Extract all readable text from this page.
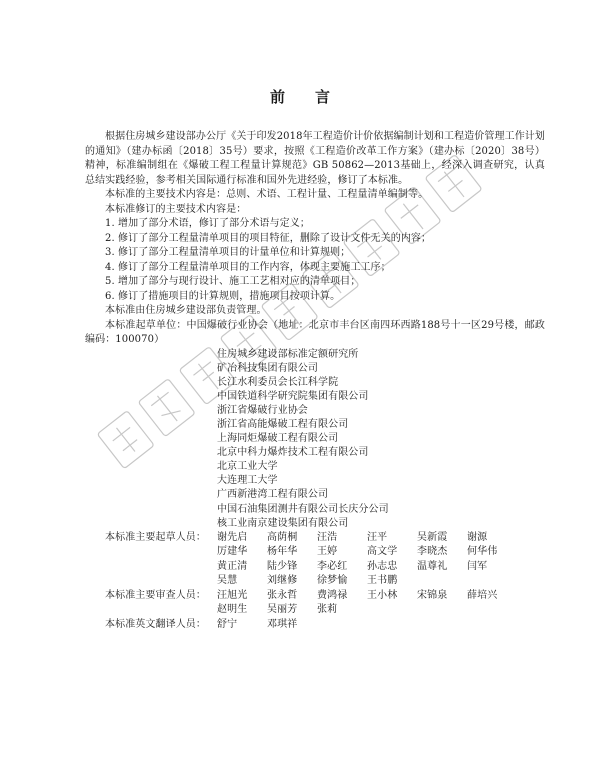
前言

根据住房城乡建设部办公厅《关于印发2018年工程造价计价依据编制计划和工程造价管理工作计划的通知》（建办标函〔2018〕35号）要求，按照《工程造价改革工作方案》（建办标〔2020〕38号）精神，标准编制组在《爆破工程工程量计算规范》GB 50862—2013基础上，经深入调查研究，认真总结实践经验，参考相关国际通行标准和国外先进经验，修订了本标准。

本标准的主要技术内容是：总则、术语、工程计量、工程量清单编制等。

本标准修订的主要技术内容是：

1. 增加了部分术语，修订了部分术语与定义；

2. 修订了部分工程量清单项目的项目特征，删除了设计文件无关的内容；

3. 修订了部分工程量清单项目的计量单位和计算规则；

4. 修订了部分工程量清单项目的工作内容，体现主要施工工序；

5. 增加了部分与现行设计、施工工艺相对应的清单项目；

6. 修订了措施项目的计算规则，措施项目按项计算。

本标准由住房城乡建设部负责管理。

本标准起草单位：中国爆破行业协会（地址：北京市丰台区南四环西路188号十一区29号楼，邮政编码：100070）

住房城乡建设部标准定额研究所
矿冶科技集团有限公司
长江水利委员会长江科学院
中国铁道科学研究院集团有限公司
浙江省爆破行业协会
浙江省高能爆破工程有限公司
上海同炬爆破工程有限公司
北京中科力爆炸技术工程有限公司
北京工业大学
大连理工大学
广西新港湾工程有限公司
中国石油集团测井有限公司长庆分公司
核工业南京建设集团有限公司
本标准主要起草人员：	谢先启	高荫桐	汪浩	汪平	吴新霞	谢源
厉建华	杨年华	王婷	高文学	李晓杰	何华伟
黄正清	陆少锋	李必红	孙志忠	温尊礼	闫军
吴慧	刘继修	徐梦愉	王书鹏
本标准主要审查人员：	汪旭光	张永哲	费鸿禄	王小林	宋锦泉	薛培兴
赵明生	吴丽芳	张莉
本标准英文翻译人员：	舒宁	邓琪祥
